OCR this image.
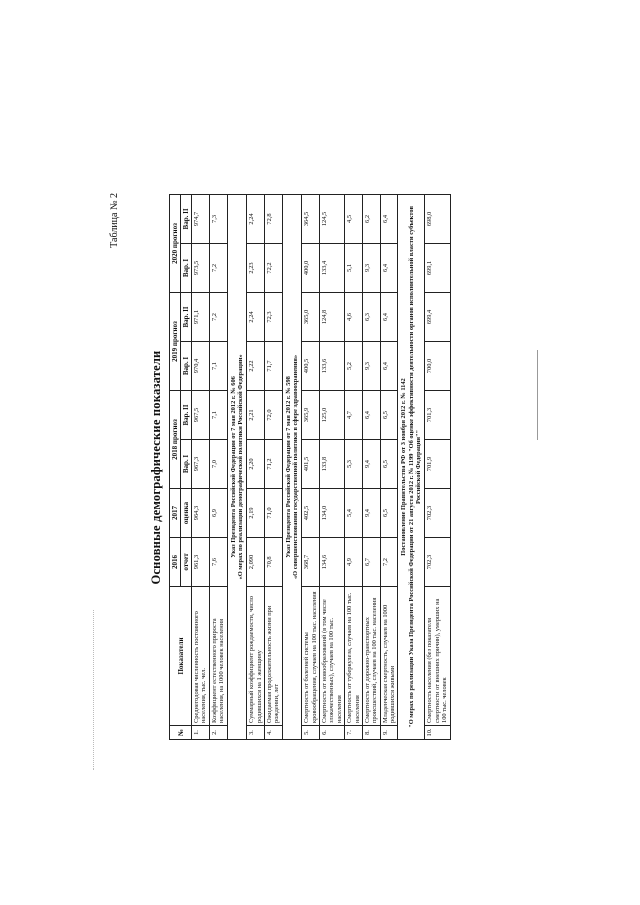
Таблица № 2
Основные демографические показатели
№	Показатели	2016	2017	2018 прогноз		2019 прогноз		2020 прогноз	
		отчет	оценка	Вар. I	Вар. II	Вар. I	Вар. II	Вар. I	Вар. II
1.	Среднегодовая численность постоянного населения, тыс. чел.	961,3	964,3	967,3	967,5	970,4	971,1	973,5	974,7
2.	Коэффициент естественного прироста населения, на 1000 человек населения	7,6	6,9	7,0	7,1	7,1	7,2	7,2	7,3

Указ Президента Российской Федерации от 7 мая 2012 г. № 606 «О мерах по реализации демографической политики Российской Федерации»									

3.	Суммарный коэффициент рождаемости, число родившихся на 1 женщину	2,090	2,19	2,20	2,21	2,22	2,24	2,23	2,24
4.	Ожидаемая продолжительность жизни при рождении, лет	70,8	71,0	71,2	72,0	71,7	72,3	72,2	72,8

Указ Президента Российской Федерации от 7 мая 2012 г. № 598 «О совершенствовании государственной политики в сфере здравоохранения»									

5.	Смертность от болезней системы кровообращения, случаев на 100 тыс. населения	368,7	402,5	401,5	365,9	400,5	365,0	400,0	364,5
6.	Смертность от новообразований (в том числе злокачественных), случаев на 100 тыс. населения	134,6	134,0	133,8	125,0	133,6	124,8	133,4	124,5
7.	Смертность от туберкулеза, случаев на 100 тыс. населения	4,9	5,4	5,3	4,7	5,2	4,6	5,1	4,5
8.	Смертность от дорожно-транспортных происшествий, случаев на 100 тыс. населения	6,7	9,4	9,4	6,4	9,3	6,3	9,3	6,2
9.	Младенческая смертность, случаев на 1000 родившихся живыми	7,2	6,5	6,5	6,5	6,4	6,4	6,4	6,4

Постановление Правительства РФ от 3 ноября 2012 г. № 1142 "О мерах по реализации Указа Президента Российской Федерации от 21 августа 2012 г. № 1199 "Об оценке эффективности деятельности органов исполнительной власти субъектов Российской Федерации""									

10.	Смертность населения (без показателя смертности от внешних причин), умерших на 100 тыс. человек	702,3	702,3	701,9	701,3	700,0	699,4	699,1	698,0
